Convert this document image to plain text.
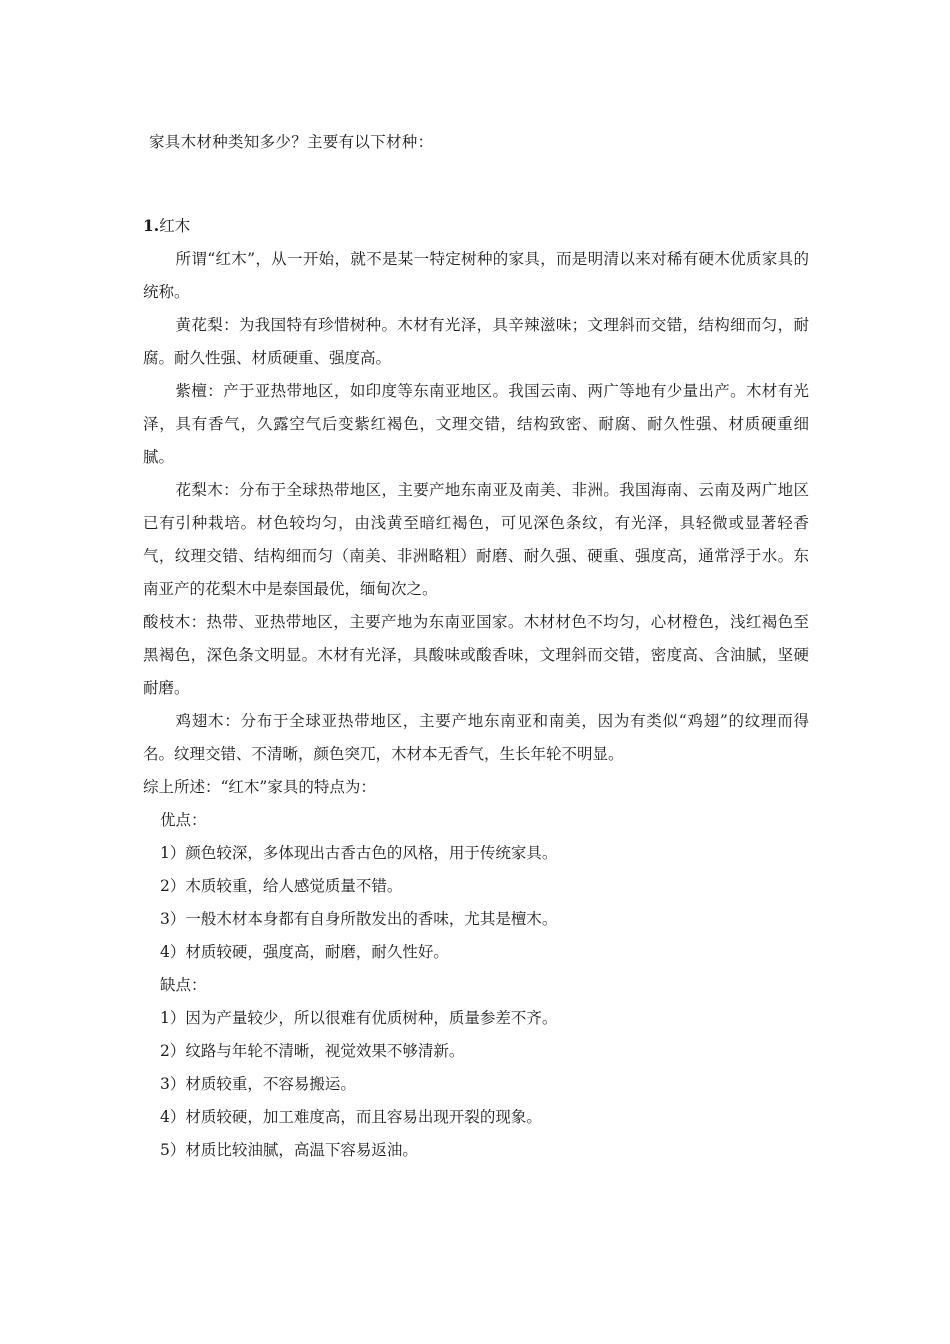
家具木材种类知多少？主要有以下材种：

1.红木

所谓“红木”，从一开始，就不是某一特定树种的家具，而是明清以来对稀有硬木优质家具的统称。

黄花梨：为我国特有珍惜树种。木材有光泽，具辛辣滋味；文理斜而交错，结构细而匀，耐腐。耐久性强、材质硬重、强度高。

紫檀：产于亚热带地区，如印度等东南亚地区。我国云南、两广等地有少量出产。木材有光泽，具有香气，久露空气后变紫红褐色，文理交错，结构致密、耐腐、耐久性强、材质硬重细腻。

花梨木：分布于全球热带地区，主要产地东南亚及南美、非洲。我国海南、云南及两广地区已有引种栽培。材色较均匀，由浅黄至暗红褐色，可见深色条纹，有光泽，具轻微或显著轻香气，纹理交错、结构细而匀（南美、非洲略粗）耐磨、耐久强、硬重、强度高，通常浮于水。东南亚产的花梨木中是泰国最优，缅甸次之。

酸枝木：热带、亚热带地区，主要产地为东南亚国家。木材材色不均匀，心材橙色，浅红褐色至黑褐色，深色条文明显。木材有光泽，具酸味或酸香味，文理斜而交错，密度高、含油腻，坚硬耐磨。

鸡翅木：分布于全球亚热带地区，主要产地东南亚和南美，因为有类似“鸡翅”的纹理而得名。纹理交错、不清晰，颜色突兀，木材本无香气，生长年轮不明显。

综上所述：“红木”家具的特点为：

优点：

1）颜色较深，多体现出古香古色的风格，用于传统家具。

2）木质较重，给人感觉质量不错。

3）一般木材本身都有自身所散发出的香味，尤其是檀木。

4）材质较硬，强度高，耐磨，耐久性好。

缺点：

1）因为产量较少，所以很难有优质树种，质量参差不齐。

2）纹路与年轮不清晰，视觉效果不够清新。

3）材质较重，不容易搬运。

4）材质较硬，加工难度高，而且容易出现开裂的现象。

5）材质比较油腻，高温下容易返油。
